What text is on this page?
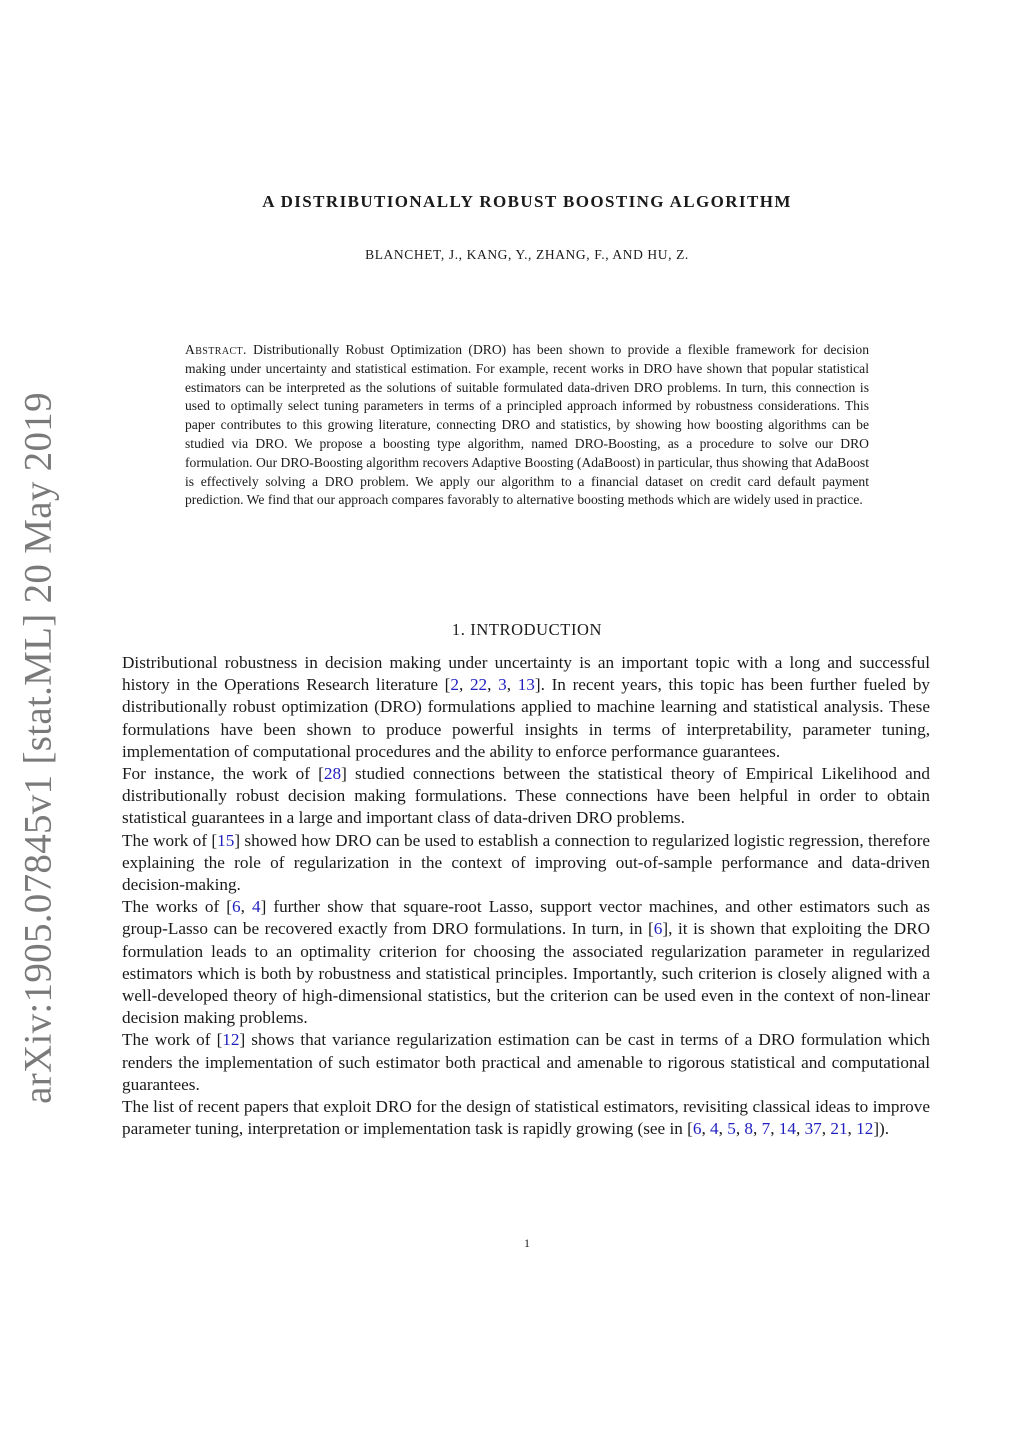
arXiv:1905.07845v1 [stat.ML] 20 May 2019
A DISTRIBUTIONALLY ROBUST BOOSTING ALGORITHM
BLANCHET, J., KANG, Y., ZHANG, F., AND HU, Z.
Abstract. Distributionally Robust Optimization (DRO) has been shown to provide a flexible framework for decision making under uncertainty and statistical estimation. For example, recent works in DRO have shown that popular statistical estimators can be interpreted as the solutions of suitable formulated data-driven DRO problems. In turn, this connection is used to optimally select tuning parameters in terms of a principled approach informed by robustness considerations. This paper contributes to this growing literature, connecting DRO and statistics, by showing how boosting algorithms can be studied via DRO. We propose a boosting type algorithm, named DRO-Boosting, as a procedure to solve our DRO formulation. Our DRO-Boosting algorithm recovers Adaptive Boosting (AdaBoost) in particular, thus showing that AdaBoost is effectively solving a DRO problem. We apply our algorithm to a financial dataset on credit card default payment prediction. We find that our approach compares favorably to alternative boosting methods which are widely used in practice.
1. INTRODUCTION

Distributional robustness in decision making under uncertainty is an important topic with a long and successful history in the Operations Research literature [2, 22, 3, 13]. In recent years, this topic has been further fueled by distributionally robust optimization (DRO) formulations applied to machine learning and statistical analysis. These formulations have been shown to produce powerful insights in terms of interpretability, parameter tuning, implementation of computational procedures and the ability to enforce performance guarantees.

For instance, the work of [28] studied connections between the statistical theory of Empirical Likelihood and distributionally robust decision making formulations. These connections have been helpful in order to obtain statistical guarantees in a large and important class of data-driven DRO problems.

The work of [15] showed how DRO can be used to establish a connection to regularized logistic regression, therefore explaining the role of regularization in the context of improving out-of-sample performance and data-driven decision-making.

The works of [6, 4] further show that square-root Lasso, support vector machines, and other estimators such as group-Lasso can be recovered exactly from DRO formulations. In turn, in [6], it is shown that exploiting the DRO formulation leads to an optimality criterion for choosing the associated regularization parameter in regularized estimators which is both by robustness and statistical principles. Importantly, such criterion is closely aligned with a well-developed theory of high-dimensional statistics, but the criterion can be used even in the context of non-linear decision making problems.

The work of [12] shows that variance regularization estimation can be cast in terms of a DRO formulation which renders the implementation of such estimator both practical and amenable to rigorous statistical and computational guarantees.

The list of recent papers that exploit DRO for the design of statistical estimators, revisiting classical ideas to improve parameter tuning, interpretation or implementation task is rapidly growing (see in [6, 4, 5, 8, 7, 14, 37, 21, 12]).

1
